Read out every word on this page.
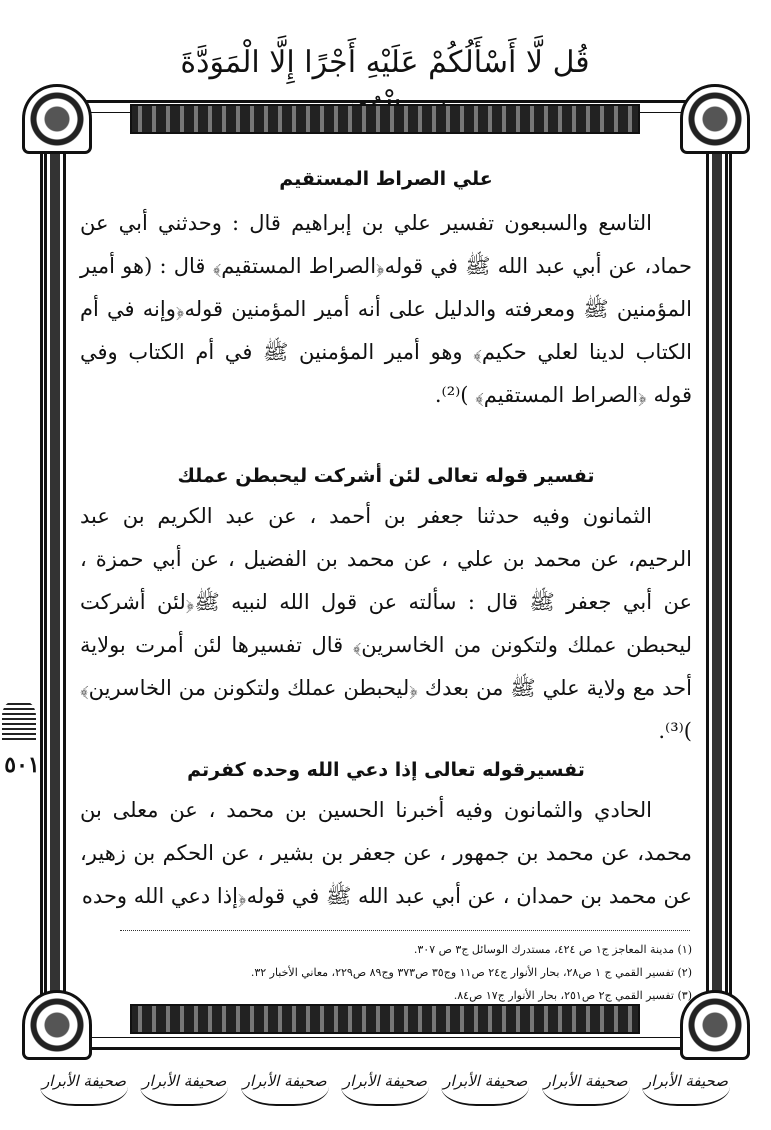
قُل لَّا أَسْأَلُكُمْ عَلَيْهِ أَجْرًا إِلَّا الْمَوَدَّةَ
٥٠١
علي الصراط المستقيم

التاسع والسبعون تفسير علي بن إبراهيم قال : وحدثني أبي عن حماد، عن أبي عبد الله ﷺ في قوله﴿الصراط المستقيم﴾ قال : (هو أمير المؤمنين ﷺ ومعرفته والدليل على أنه أمير المؤمنين قوله﴿وإنه في أم الكتاب لدينا لعلي حكيم﴾ وهو أمير المؤمنين ﷺ في أم الكتاب وفي قوله ﴿الصراط المستقيم﴾ )⁽²⁾.

تفسير قوله تعالى لئن أشركت ليحبطن عملك

الثمانون وفيه حدثنا جعفر بن أحمد ، عن عبد الكريم بن عبد الرحيم، عن محمد بن علي ، عن محمد بن الفضيل ، عن أبي حمزة ، عن أبي جعفر ﷺ قال : سألته عن قول الله لنبيه ﷺ﴿لئن أشركت ليحبطن عملك ولتكونن من الخاسرين﴾ قال تفسيرها لئن أمرت بولاية أحد مع ولاية علي ﷺ من بعدك ﴿ليحبطن عملك ولتكونن من الخاسرين﴾ )⁽³⁾.

تفسيرقوله تعالى إذا دعي الله وحده كفرتم

الحادي والثمانون وفيه أخبرنا الحسين بن محمد ، عن معلى بن محمد، عن محمد بن جمهور ، عن جعفر بن بشير ، عن الحكم بن زهير، عن محمد بن حمدان ، عن أبي عبد الله ﷺ في قوله﴿إذا دعي الله وحده

(١) مدينة المعاجز ج١ ص ٤٢٤، مستدرك الوسائل ج٣ ص ٣٠٧.
(٢) تفسير القمي ج ١ ص٢٨، بحار الأنوار ج٢٤ ص١١ وج٣٥ ص٣٧٣ وج٨٩ ص٢٢٩، معاني الأخبار ٣٢.
(٣) تفسير القمي ج٢ ص٢٥١، بحار الأنوار ج١٧ ص٨٤.
صحيفة الأبرار
صحيفة الأبرار
صحيفة الأبرار
صحيفة الأبرار
صحيفة الأبرار
صحيفة الأبرار
صحيفة الأبرار
